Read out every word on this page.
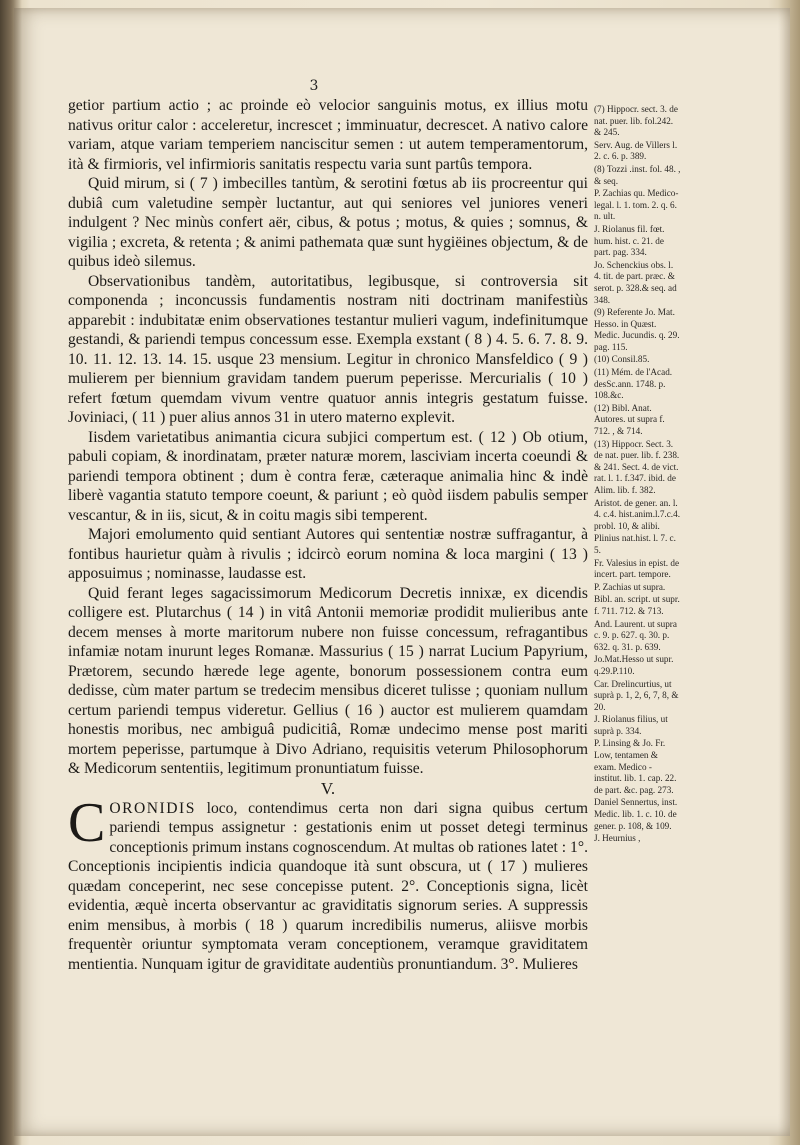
3

getior partium actio ; ac proinde eò velocior sanguinis motus, ex illius motu nativus oritur calor : acceleretur, increscet ; imminuatur, decrescet. A nativo calore variam, atque variam temperiem nanciscitur semen : ut autem temperamentorum, ità & firmioris, vel infirmioris sanitatis respectu varia sunt partûs tempora.

Quid mirum, si ( 7 ) imbecilles tantùm, & serotini fœtus ab iis procreentur qui dubiâ cum valetudine sempèr luctantur, aut qui seniores vel juniores veneri indulgent ? Nec minùs confert aër, cibus, & potus ; motus, & quies ; somnus, & vigilia ; excreta, & retenta ; & animi pathemata quæ sunt hygiëines objectum, & de quibus ideò silemus.

Observationibus tandèm, autoritatibus, legibusque, si controversia sit componenda ; inconcussis fundamentis nostram niti doctrinam manifestiùs apparebit : indubitatæ enim observationes testantur mulieri vagum, indefinitumque gestandi, & pariendi tempus concessum esse. Exempla exstant ( 8 ) 4. 5. 6. 7. 8. 9. 10. 11. 12. 13. 14. 15. usque 23 mensium. Legitur in chronico Mansfeldico ( 9 ) mulierem per biennium gravidam tandem puerum peperisse. Mercurialis ( 10 ) refert fœtum quemdam vivum ventre quatuor annis integris gestatum fuisse. Joviniaci, ( 11 ) puer alius annos 31 in utero materno explevit.

Iisdem varietatibus animantia cicura subjici compertum est. ( 12 ) Ob otium, pabuli copiam, & inordinatam, præter naturæ morem, lasciviam incerta coeundi & pariendi tempora obtinent ; dum è contra feræ, cæteraque animalia hinc & indè liberè vagantia statuto tempore coeunt, & pariunt ; eò quòd iisdem pabulis semper vescantur, & in iis, sicut, & in coitu magis sibi temperent.

Majori emolumento quid sentiant Autores qui sententiæ nostræ suffragantur, à fontibus haurietur quàm à rivulis ; idcircò eorum nomina & loca margini ( 13 ) apposuimus ; nominasse, laudasse est.

Quid ferant leges sagacissimorum Medicorum Decretis innixæ, ex dicendis colligere est. Plutarchus ( 14 ) in vitâ Antonii memoriæ prodidit mulieribus ante decem menses à morte maritorum nubere non fuisse concessum, refragantibus infamiæ notam inurunt leges Romanæ. Massurius ( 15 ) narrat Lucium Papyrium, Prætorem, secundo hærede lege agente, bonorum possessionem contra eum dedisse, cùm mater partum se tredecim mensibus diceret tulisse ; quoniam nullum certum pariendi tempus videretur. Gellius ( 16 ) auctor est mulierem quamdam honestis moribus, nec ambiguâ pudicitiâ, Romæ undecimo mense post mariti mortem peperisse, partumque à Divo Adriano, requisitis veterum Philosophorum & Medicorum sententiis, legitimum pronuntiatum fuisse.

V.

CORONIDIS loco, contendimus certa non dari signa quibus certum pariendi tempus assignetur : gestationis enim ut posset detegi terminus conceptionis primum instans cognoscendum. At multas ob rationes latet : 1°. Conceptionis incipientis indicia quandoque ità sunt obscura, ut ( 17 ) mulieres quædam conceperint, nec sese concepisse putent. 2°. Conceptionis signa, licèt evidentia, æquè incerta observantur ac graviditatis signorum series. A suppressis enim mensibus, à morbis ( 18 ) quarum incredibilis numerus, aliisve morbis frequentèr oriuntur symptomata veram conceptionem, veramque graviditatem mentientia. Nunquam igitur de graviditate audentiùs pronuntiandum. 3°. Mulieres

(7) Hippocr. sect. 3. de nat. puer. lib. fol.242. & 245.
Serv. Aug. de Villers l. 2. c. 6. p. 389.
(8) Tozzi .inst. fol. 48. , & seq.
P. Zachias qu. Medico-legal. l. 1. tom. 2. q. 6. n. ult.
J. Riolanus fil. fœt. hum. hist. c. 21. de part. pag. 334.
Jo. Schenckius obs. l. 4. tit. de part. præc. & serot. p. 328.& seq. ad 348.
(9) Referente Jo. Mat. Hesso. in Quæst. Medic. Jucundis. q. 29. pag. 115.
(10) Consil.85.
(11) Mém. de l'Acad. desSc.ann. 1748. p. 108.&c.
(12) Bibl. Anat. Autores. ut supra f. 712. , & 714.
(13) Hippocr. Sect. 3. de nat. puer. lib. f. 238. & 241. Sect. 4. de vict. rat. l. 1. f.347. ibid. de Alim. lib. f. 382.
Aristot. de gener. an. l. 4. c.4. hist.anim.l.7.c.4. probl. 10, & alibi.
Plinius nat.hist. l. 7. c. 5.
Fr. Valesius in epist. de incert. part. tempore.
P. Zachias ut supra.
Bibl. an. script. ut supr. f. 711. 712. & 713.
And. Laurent. ut supra c. 9. p. 627. q. 30. p. 632. q. 31. p. 639.
Jo.Mat.Hesso ut supr. q.29.P.110.
Car. Drelincurtius, ut suprà p. 1, 2, 6, 7, 8, & 20.
J. Riolanus filius, ut suprà p. 334.
P. Linsing & Jo. Fr. Low, tentamen & exam. Medico - institut. lib. 1. cap. 22. de part. &c. pag. 273.
Daniel Sennertus, inst. Medic. lib. 1. c. 10. de gener. p. 108, & 109.
J. Heurnius ,
